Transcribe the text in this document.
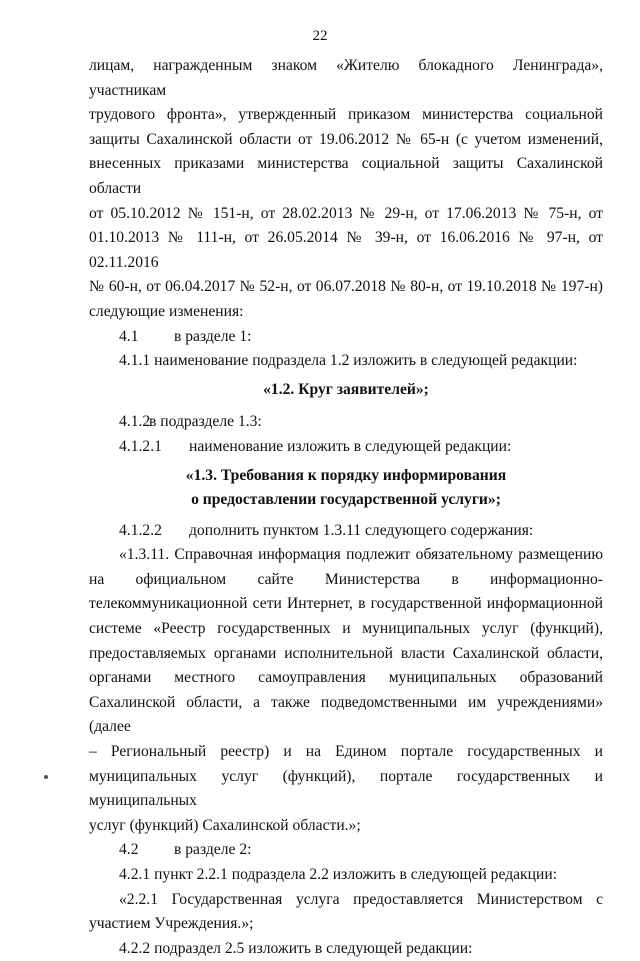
22
лицам, награжденным знаком «Жителю блокадного Ленинграда», участникам
трудового фронта», утвержденный приказом министерства социальной
защиты Сахалинской области от 19.06.2012 № 65-н (с учетом изменений,
внесенных приказами министерства социальной защиты Сахалинской области
от 05.10.2012 № 151-н, от 28.02.2013 № 29-н, от 17.06.2013 № 75-н, от
01.10.2013 № 111-н, от 26.05.2014 № 39-н, от 16.06.2016 № 97-н, от 02.11.2016
№ 60-н, от 06.04.2017 № 52-н, от 06.07.2018 № 80-н, от 19.10.2018 № 197-н)
следующие изменения:
4.1 в разделе 1:
4.1.1 наименование подраздела 1.2 изложить в следующей редакции:
«1.2. Круг заявителей»;
4.1.2в подразделе 1.3:
4.1.2.1 наименование изложить в следующей редакции:
«1.3. Требования к порядку информирования
о предоставлении государственной услуги»;
4.1.2.2 дополнить пунктом 1.3.11 следующего содержания:
«1.3.11. Справочная информация подлежит обязательному размещению
на официальном сайте Министерства в информационно-
телекоммуникационной сети Интернет, в государственной информационной
системе «Реестр государственных и муниципальных услуг (функций),
предоставляемых органами исполнительной власти Сахалинской области,
органами местного самоуправления муниципальных образований
Сахалинской области, а также подведомственными им учреждениями» (далее
– Региональный реестр) и на Едином портале государственных и
муниципальных услуг (функций), портале государственных и муниципальных
услуг (функций) Сахалинской области.»;
4.2 в разделе 2:
4.2.1 пункт 2.2.1 подраздела 2.2 изложить в следующей редакции:
«2.2.1 Государственная услуга предоставляется Министерством с
участием Учреждения.»;
4.2.2 подраздел 2.5 изложить в следующей редакции:
